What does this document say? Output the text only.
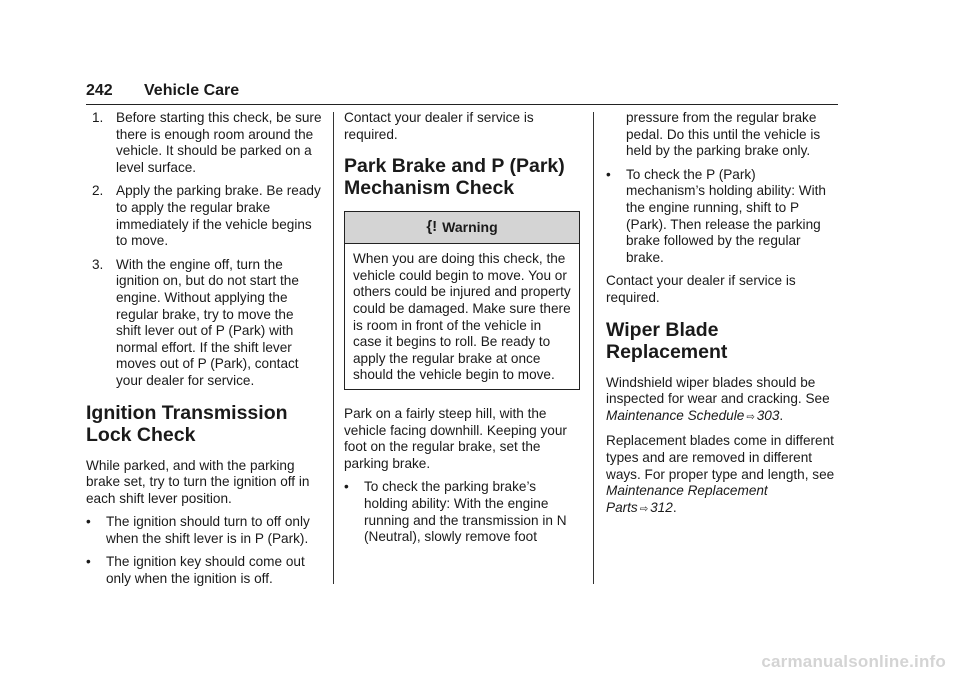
242 Vehicle Care
1. Before starting this check, be sure there is enough room around the vehicle. It should be parked on a level surface.
2. Apply the parking brake. Be ready to apply the regular brake immediately if the vehicle begins to move.
3. With the engine off, turn the ignition on, but do not start the engine. Without applying the regular brake, try to move the shift lever out of P (Park) with normal effort. If the shift lever moves out of P (Park), contact your dealer for service.
Ignition Transmission Lock Check

While parked, and with the parking brake set, try to turn the ignition off in each shift lever position.

•	The ignition should turn to off only when the shift lever is in P (Park).
•	The ignition key should come out only when the ignition is off.

Contact your dealer if service is required.

Park Brake and P (Park) Mechanism Check
{! Warning
When you are doing this check, the vehicle could begin to move. You or others could be injured and property could be damaged. Make sure there is room in front of the vehicle in case it begins to roll. Be ready to apply the regular brake at once should the vehicle begin to move.

Park on a fairly steep hill, with the vehicle facing downhill. Keeping your foot on the regular brake, set the parking brake.

•	To check the parking brake’s holding ability: With the engine running and the transmission in N (Neutral), slowly remove foot
pressure from the regular brake pedal. Do this until the vehicle is held by the parking brake only.
•	To check the P (Park) mechanism’s holding ability: With the engine running, shift to P (Park). Then release the parking brake followed by the regular brake.

Contact your dealer if service is required.

Wiper Blade Replacement

Windshield wiper blades should be inspected for wear and cracking. See Maintenance Schedule ⇨ 303.

Replacement blades come in different types and are removed in different ways. For proper type and length, see Maintenance Replacement Parts ⇨ 312.

carmanualsonline.info
